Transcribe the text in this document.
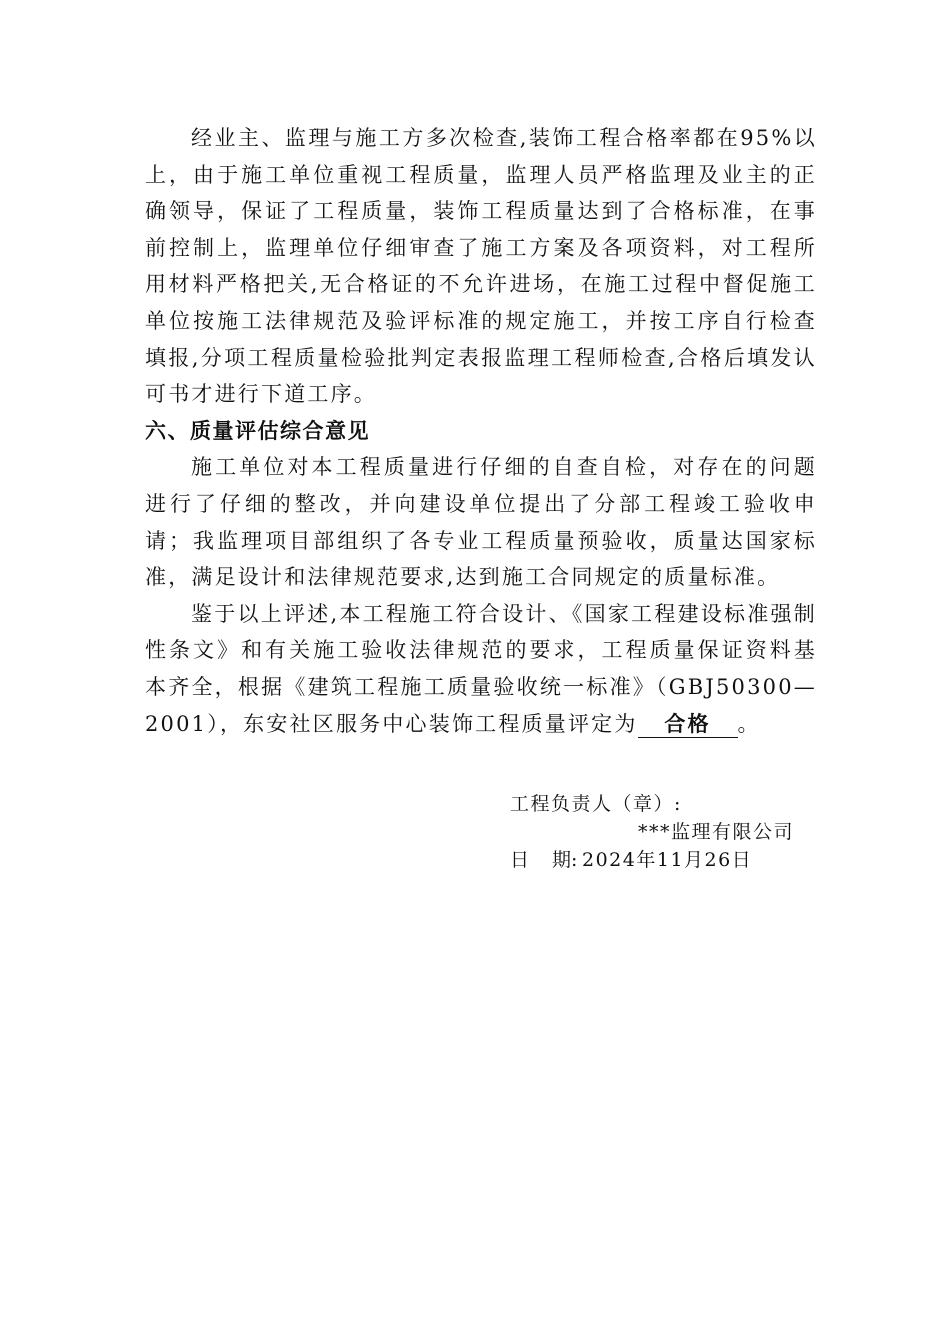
经业主、监理与施工方多次检查,装饰工程合格率都在95%以上，由于施工单位重视工程质量，监理人员严格监理及业主的正确领导，保证了工程质量，装饰工程质量达到了合格标准，在事前控制上，监理单位仔细审查了施工方案及各项资料，对工程所用材料严格把关,无合格证的不允许进场，在施工过程中督促施工单位按施工法律规范及验评标准的规定施工，并按工序自行检查填报,分项工程质量检验批判定表报监理工程师检查,合格后填发认可书才进行下道工序。

六、质量评估综合意见

施工单位对本工程质量进行仔细的自查自检，对存在的问题进行了仔细的整改，并向建设单位提出了分部工程竣工验收申请；我监理项目部组织了各专业工程质量预验收，质量达国家标准，满足设计和法律规范要求,达到施工合同规定的质量标准。

鉴于以上评述,本工程施工符合设计、《国家工程建设标准强制性条文》和有关施工验收法律规范的要求，工程质量保证资料基本齐全，根据《建筑工程施工质量验收统一标准》（GBJ50300—2001），东安社区服务中心装饰工程质量评定为 合格 。

工程负责人（章）:
***监理有限公司
日 期: 2024年11月26日
